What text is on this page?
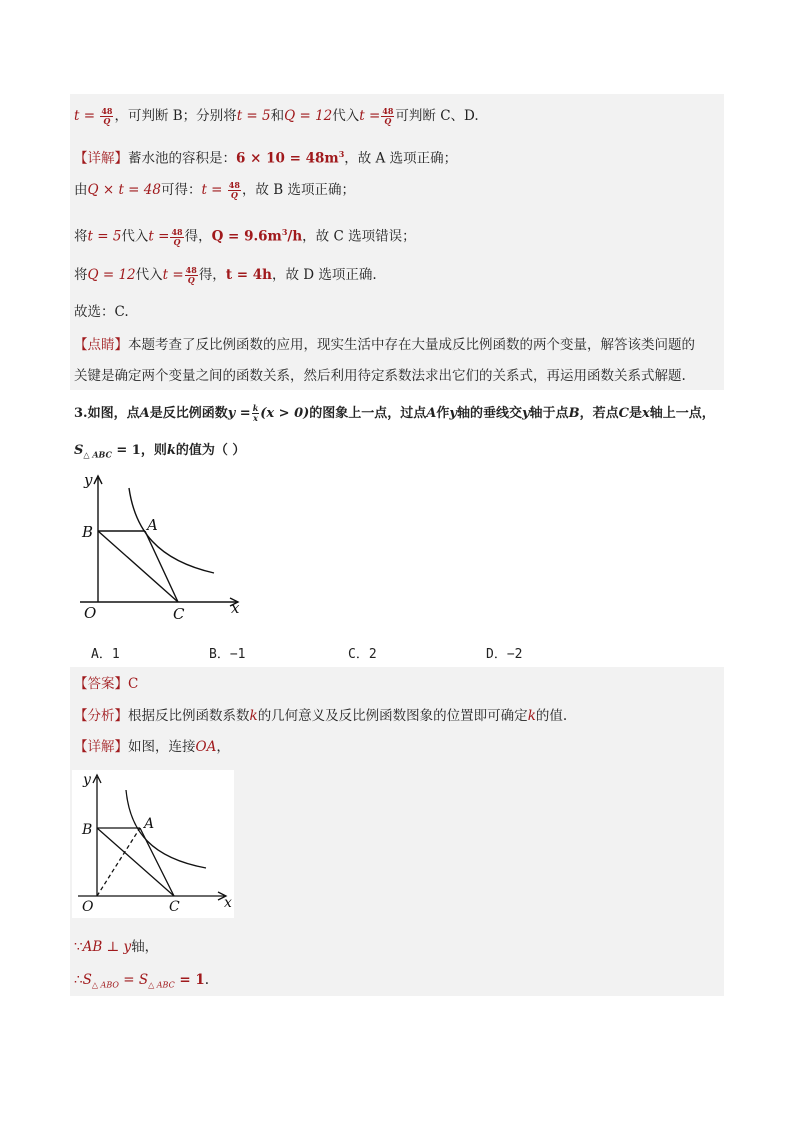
$t = \frac{48}{Q}$ ，可判断 B；分别将t = 5和Q = 12代入$t = \frac{48}{Q}$ 可判断 C、D.
【详解】蓄水池的容积是：$6 \times 10 = 48m^3$，故 A 选项正确；
由Q × t = 48可得：$t = \frac{48}{Q}$ ，故 B 选项正确；
将t = 5代入$t = \frac{48}{Q}$ 得，$Q = 9.6m^3/h$，故 C 选项错误；
将Q = 12代入$t = \frac{48}{Q}$ 得，t = 4h，故 D 选项正确.
故选：C.
【点睛】本题考查了反比例函数的应用，现实生活中存在大量成反比例函数的两个变量，解答该类问题的
关键是确定两个变量之间的函数关系，然后利用待定系数法求出它们的关系式，再运用函数关系式解题.
3.如图，点A是反比例函数$y = \frac{k}{x} (x > 0)$的图象上一点，过点A作y轴的垂线交y轴于点B，若点C是x轴上一点，
$S_{\triangle ABC} = 1$，则k的值为（ ）
y
B	A
O	C	x
A．1	B．−1	C．2	D．−2
【答案】C
【分析】根据反比例函数系数k的几何意义及反比例函数图象的位置即可确定k的值.
【详解】如图，连接OA，
y
B	A
O	C	x
∵AB ⊥ y轴，
$\therefore S_{\triangle ABO} = S_{\triangle ABC} = 1$.
